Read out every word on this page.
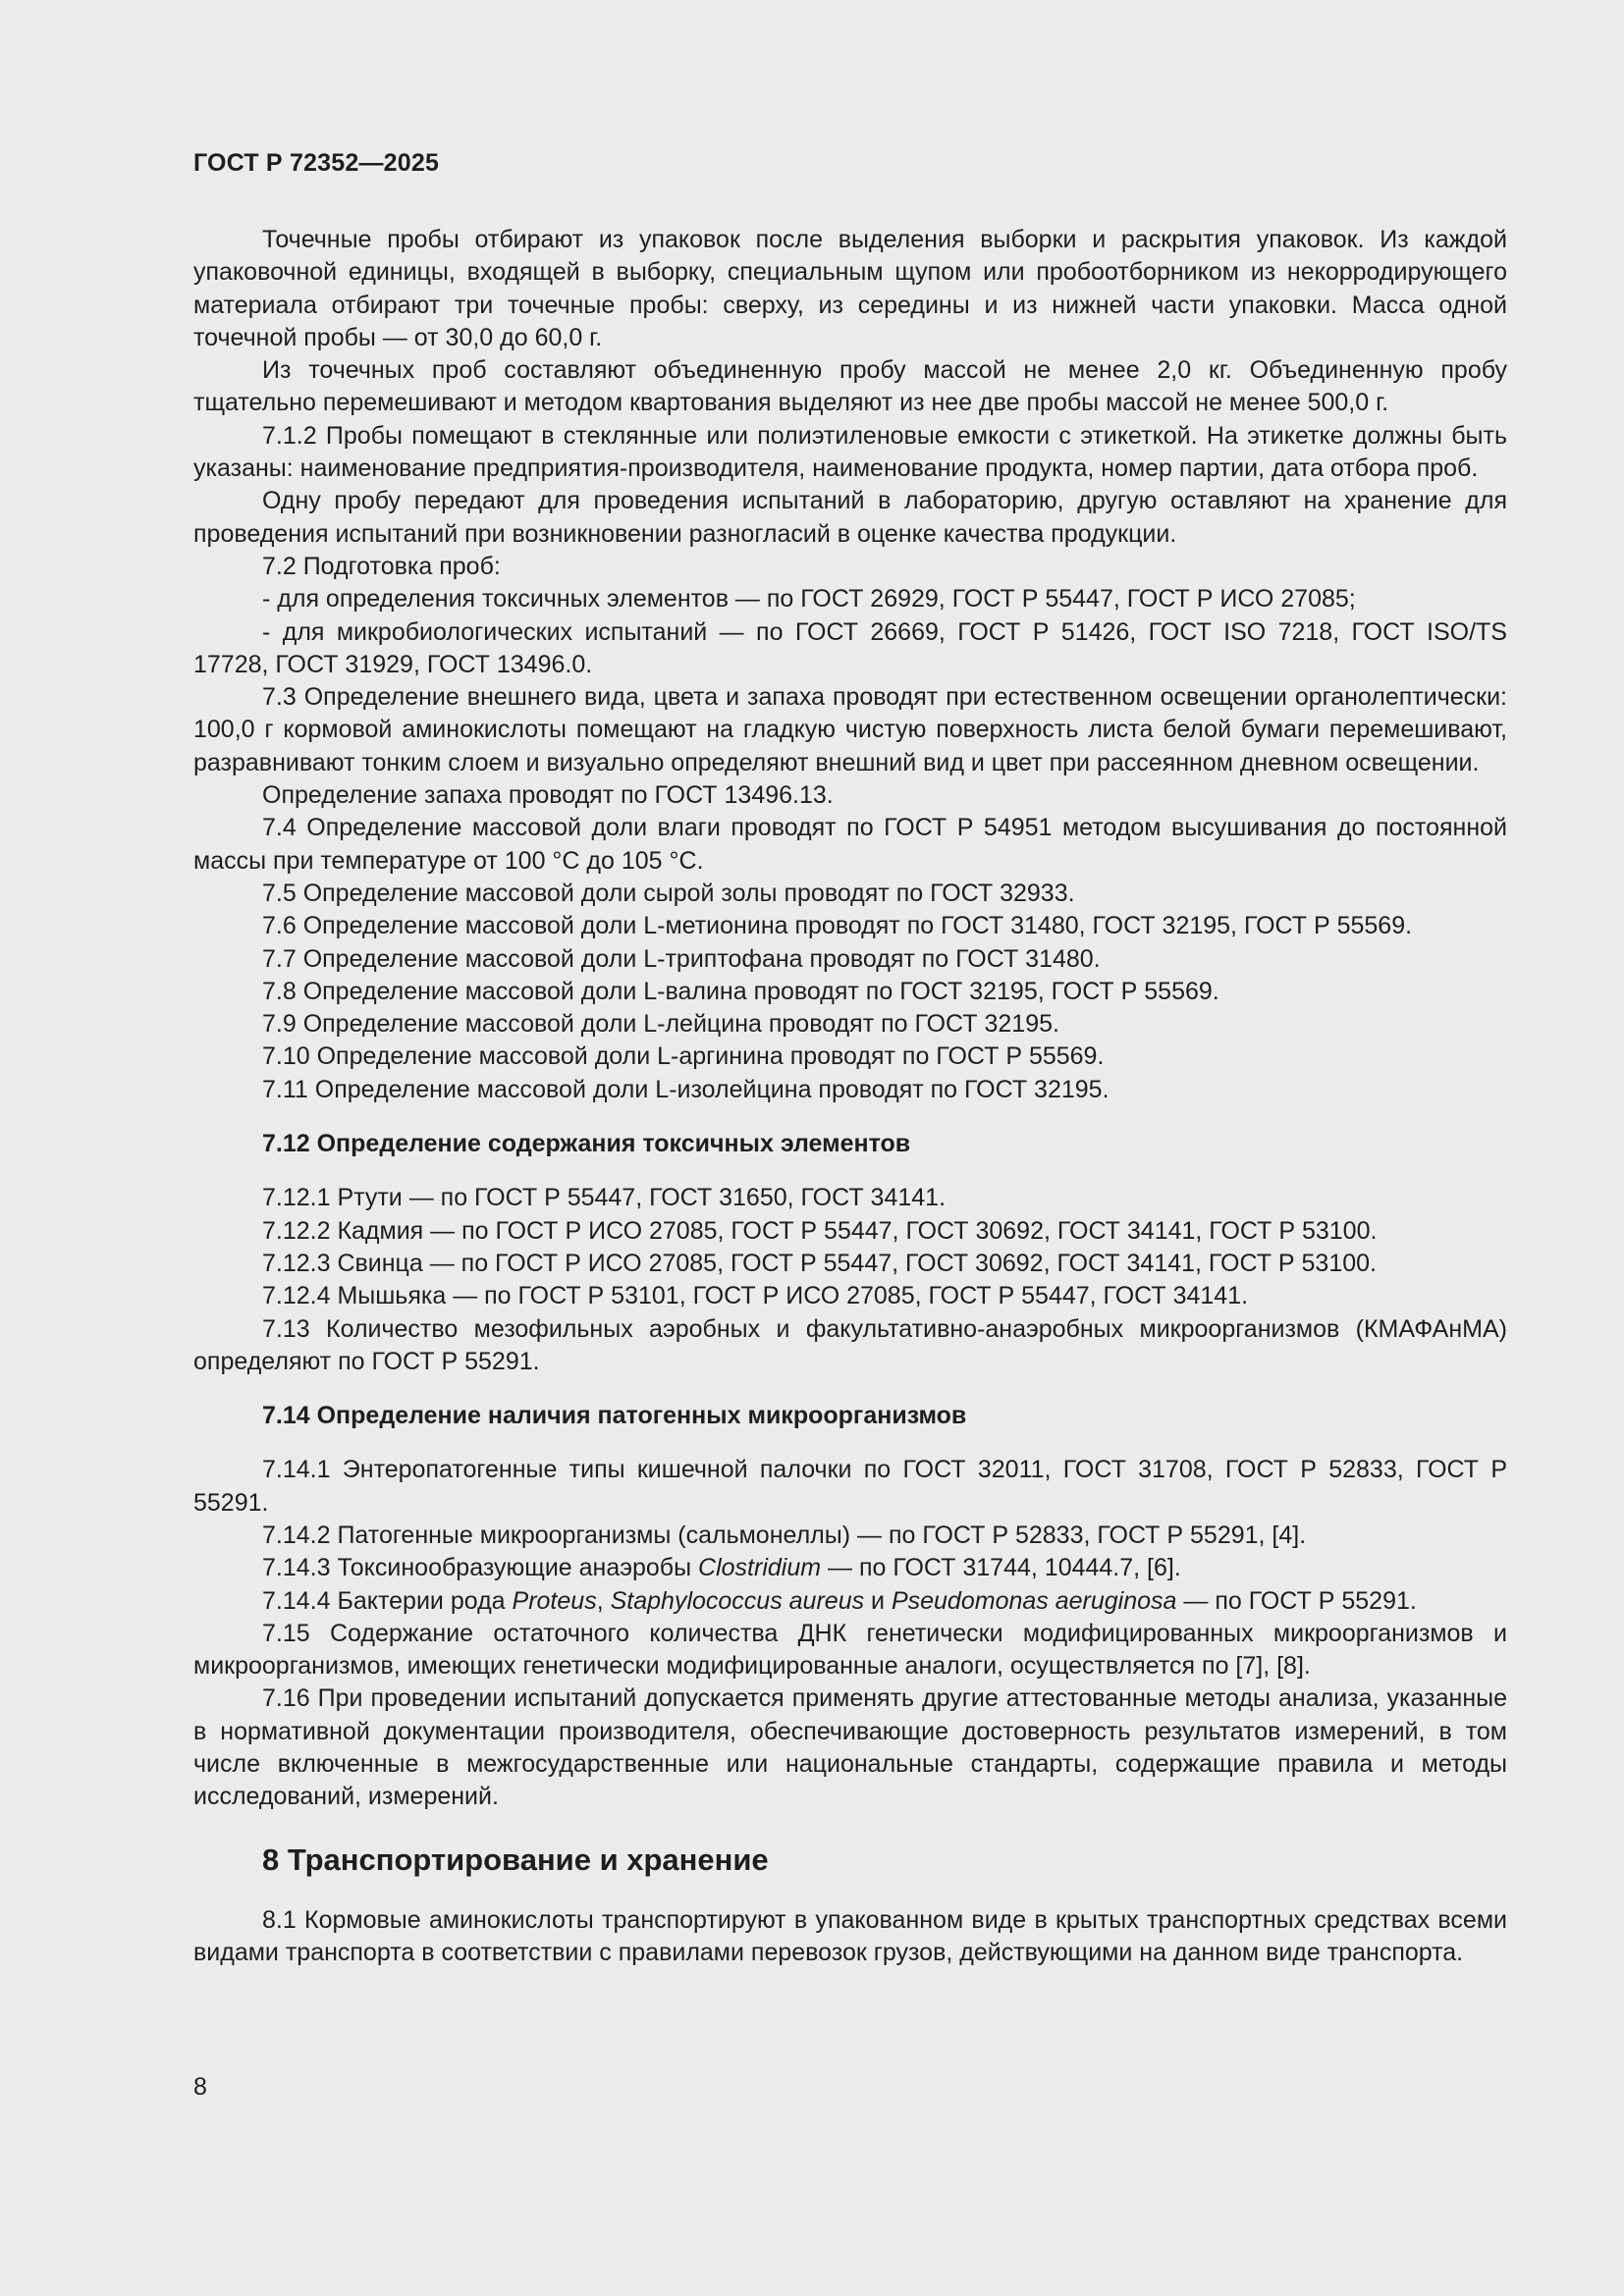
ГОСТ Р 72352—2025

Точечные пробы отбирают из упаковок после выделения выборки и раскрытия упаковок. Из каждой упаковочной единицы, входящей в выборку, специальным щупом или пробоотборником из некорродирующего материала отбирают три точечные пробы: сверху, из середины и из нижней части упаковки. Масса одной точечной пробы — от 30,0 до 60,0 г.

Из точечных проб составляют объединенную пробу массой не менее 2,0 кг. Объединенную пробу тщательно перемешивают и методом квартования выделяют из нее две пробы массой не менее 500,0 г.

7.1.2 Пробы помещают в стеклянные или полиэтиленовые емкости с этикеткой. На этикетке должны быть указаны: наименование предприятия-производителя, наименование продукта, номер партии, дата отбора проб.

Одну пробу передают для проведения испытаний в лабораторию, другую оставляют на хранение для проведения испытаний при возникновении разногласий в оценке качества продукции.

7.2 Подготовка проб:

- для определения токсичных элементов — по ГОСТ 26929, ГОСТ Р 55447, ГОСТ Р ИСО 27085;

- для микробиологических испытаний — по ГОСТ 26669, ГОСТ Р 51426, ГОСТ ISO 7218, ГОСТ ISO/TS 17728, ГОСТ 31929, ГОСТ 13496.0.

7.3 Определение внешнего вида, цвета и запаха проводят при естественном освещении органолептически: 100,0 г кормовой аминокислоты помещают на гладкую чистую поверхность листа белой бумаги перемешивают, разравнивают тонким слоем и визуально определяют внешний вид и цвет при рассеянном дневном освещении.

Определение запаха проводят по ГОСТ 13496.13.

7.4 Определение массовой доли влаги проводят по ГОСТ Р 54951 методом высушивания до постоянной массы при температуре от 100 °С до 105 °С.

7.5 Определение массовой доли сырой золы проводят по ГОСТ 32933.

7.6 Определение массовой доли L-метионина проводят по ГОСТ 31480, ГОСТ 32195, ГОСТ Р 55569.

7.7 Определение массовой доли L-триптофана проводят по ГОСТ 31480.

7.8 Определение массовой доли L-валина проводят по ГОСТ 32195, ГОСТ Р 55569.

7.9 Определение массовой доли L-лейцина проводят по ГОСТ 32195.

7.10 Определение массовой доли L-аргинина проводят по ГОСТ Р 55569.

7.11 Определение массовой доли L-изолейцина проводят по ГОСТ 32195.

7.12 Определение содержания токсичных элементов

7.12.1 Ртути — по ГОСТ Р 55447, ГОСТ 31650, ГОСТ 34141.

7.12.2 Кадмия — по ГОСТ Р ИСО 27085, ГОСТ Р 55447, ГОСТ 30692, ГОСТ 34141, ГОСТ Р 53100.

7.12.3 Свинца — по ГОСТ Р ИСО 27085, ГОСТ Р 55447, ГОСТ 30692, ГОСТ 34141, ГОСТ Р 53100.

7.12.4 Мышьяка — по ГОСТ Р 53101, ГОСТ Р ИСО 27085, ГОСТ Р 55447, ГОСТ 34141.

7.13 Количество мезофильных аэробных и факультативно-анаэробных микроорганизмов (КМАФАнМА) определяют по ГОСТ Р 55291.

7.14 Определение наличия патогенных микроорганизмов

7.14.1 Энтеропатогенные типы кишечной палочки по ГОСТ 32011, ГОСТ 31708, ГОСТ Р 52833, ГОСТ Р 55291.

7.14.2 Патогенные микроорганизмы (сальмонеллы) — по ГОСТ Р 52833, ГОСТ Р 55291, [4].

7.14.3 Токсинообразующие анаэробы Clostridium — по ГОСТ 31744, 10444.7, [6].

7.14.4 Бактерии рода Proteus, Staphylococcus aureus и Pseudomonas aeruginosa — по ГОСТ Р 55291.

7.15 Содержание остаточного количества ДНК генетически модифицированных микроорганизмов и микроорганизмов, имеющих генетически модифицированные аналоги, осуществляется по [7], [8].

7.16 При проведении испытаний допускается применять другие аттестованные методы анализа, указанные в нормативной документации производителя, обеспечивающие достоверность результатов измерений, в том числе включенные в межгосударственные или национальные стандарты, содержащие правила и методы исследований, измерений.

8 Транспортирование и хранение

8.1 Кормовые аминокислоты транспортируют в упакованном виде в крытых транспортных средствах всеми видами транспорта в соответствии с правилами перевозок грузов, действующими на данном виде транспорта.

8
